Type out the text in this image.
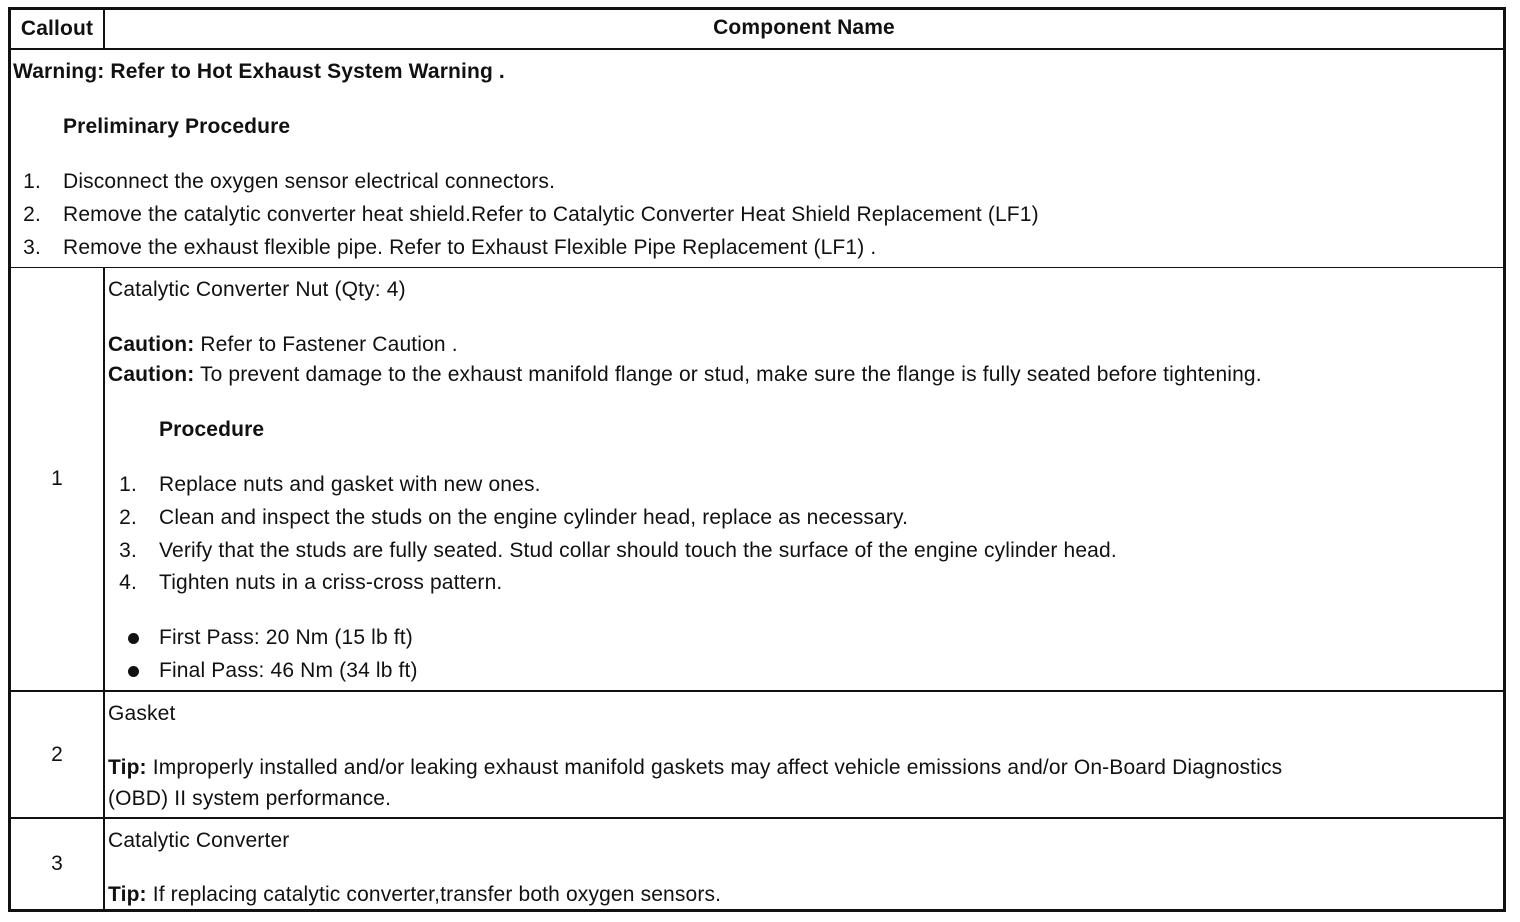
Callout	Component Name
Warning: Refer to Hot Exhaust System Warning .
Preliminary Procedure
1. Disconnect the oxygen sensor electrical connectors.
2. Remove the catalytic converter heat shield.Refer to Catalytic Converter Heat Shield Replacement (LF1)
3. Remove the exhaust flexible pipe. Refer to Exhaust Flexible Pipe Replacement (LF1) .
1
Catalytic Converter Nut (Qty: 4)
Caution: Refer to Fastener Caution .
Caution: To prevent damage to the exhaust manifold flange or stud, make sure the flange is fully seated before tightening.
Procedure
1. Replace nuts and gasket with new ones.
2. Clean and inspect the studs on the engine cylinder head, replace as necessary.
3. Verify that the studs are fully seated. Stud collar should touch the surface of the engine cylinder head.
4. Tighten nuts in a criss-cross pattern.
First Pass: 20 Nm (15 lb ft)
Final Pass: 46 Nm (34 lb ft)
2
Gasket
Tip: Improperly installed and/or leaking exhaust manifold gaskets may affect vehicle emissions and/or On-Board Diagnostics
(OBD) II system performance.
3
Catalytic Converter
Tip: If replacing catalytic converter,transfer both oxygen sensors.
